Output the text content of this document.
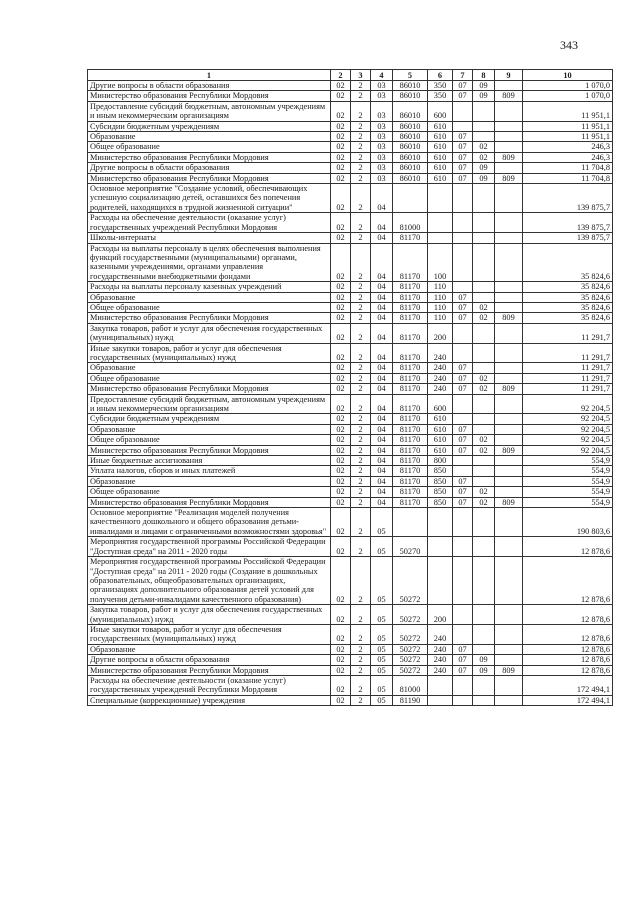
343
1	2	3	4	5	6	7	8	9	10
Другие вопросы в области образования	02	2	03	86010	350	07	09		1 070,0
Министерство образования Республики Мордовия	02	2	03	86010	350	07	09	809	1 070,0
Предоставление субсидий бюджетным, автономным учреждениям и иным некоммерческим организациям	02	2	03	86010	600				11 951,1
Субсидии бюджетным учреждениям	02	2	03	86010	610				11 951,1
Образование	02	2	03	86010	610	07			11 951,1
Общее образование	02	2	03	86010	610	07	02		246,3
Министерство образования Республики Мордовия	02	2	03	86010	610	07	02	809	246,3
Другие вопросы в области образования	02	2	03	86010	610	07	09		11 704,8
Министерство образования Республики Мордовия	02	2	03	86010	610	07	09	809	11 704,8
Основное мероприятие "Создание условий, обеспечивающих успешную социализацию детей, оставшихся без попечения родителей, находящихся в трудной жизненной ситуации"	02	2	04						139 875,7
Расходы на обеспечение деятельности (оказание услуг) государственных учреждений Республики Мордовия	02	2	04	81000					139 875,7
Школы-интернаты	02	2	04	81170					139 875,7
Расходы на выплаты персоналу в целях обеспечения выполнения функций государственными (муниципальными) органами, казенными учреждениями, органами управления государственными внебюджетными фондами	02	2	04	81170	100				35 824,6
Расходы на выплаты персоналу казенных учреждений	02	2	04	81170	110				35 824,6
Образование	02	2	04	81170	110	07			35 824,6
Общее образование	02	2	04	81170	110	07	02		35 824,6
Министерство образования Республики Мордовия	02	2	04	81170	110	07	02	809	35 824,6
Закупка товаров, работ и услуг для обеспечения государственных (муниципальных) нужд	02	2	04	81170	200				11 291,7
Иные закупки товаров, работ и услуг для обеспечения государственных (муниципальных) нужд	02	2	04	81170	240				11 291,7
Образование	02	2	04	81170	240	07			11 291,7
Общее образование	02	2	04	81170	240	07	02		11 291,7
Министерство образования Республики Мордовия	02	2	04	81170	240	07	02	809	11 291,7
Предоставление субсидий бюджетным, автономным учреждениям и иным некоммерческим организациям	02	2	04	81170	600				92 204,5
Субсидии бюджетным учреждениям	02	2	04	81170	610				92 204,5
Образование	02	2	04	81170	610	07			92 204,5
Общее образование	02	2	04	81170	610	07	02		92 204,5
Министерство образования Республики Мордовия	02	2	04	81170	610	07	02	809	92 204,5
Иные бюджетные ассигнования	02	2	04	81170	800				554,9
Уплата налогов, сборов и иных платежей	02	2	04	81170	850				554,9
Образование	02	2	04	81170	850	07			554,9
Общее образование	02	2	04	81170	850	07	02		554,9
Министерство образования Республики Мордовия	02	2	04	81170	850	07	02	809	554,9
Основное мероприятие "Реализация моделей получения качественного дошкольного и общего образования детьми-инвалидами и лицами с ограниченными возможностями здоровья"	02	2	05						190 803,6
Мероприятия государственной программы Российской Федерации "Доступная среда" на 2011 - 2020 годы	02	2	05	50270					12 878,6
Мероприятия государственной программы Российской Федерации "Доступная среда" на 2011 - 2020 годы (Создание в дошкольных образовательных, общеобразовательных организациях, организациях дополнительного образования детей условий для получения детьми-инвалидами качественного образования)	02	2	05	50272					12 878,6
Закупка товаров, работ и услуг для обеспечения государственных (муниципальных) нужд	02	2	05	50272	200				12 878,6
Иные закупки товаров, работ и услуг для обеспечения государственных (муниципальных) нужд	02	2	05	50272	240				12 878,6
Образование	02	2	05	50272	240	07			12 878,6
Другие вопросы в области образования	02	2	05	50272	240	07	09		12 878,6
Министерство образования Республики Мордовия	02	2	05	50272	240	07	09	809	12 878,6
Расходы на обеспечение деятельности (оказание услуг) государственных учреждений Республики Мордовия	02	2	05	81000					172 494,1
Специальные (коррекционные) учреждения	02	2	05	81190					172 494,1
